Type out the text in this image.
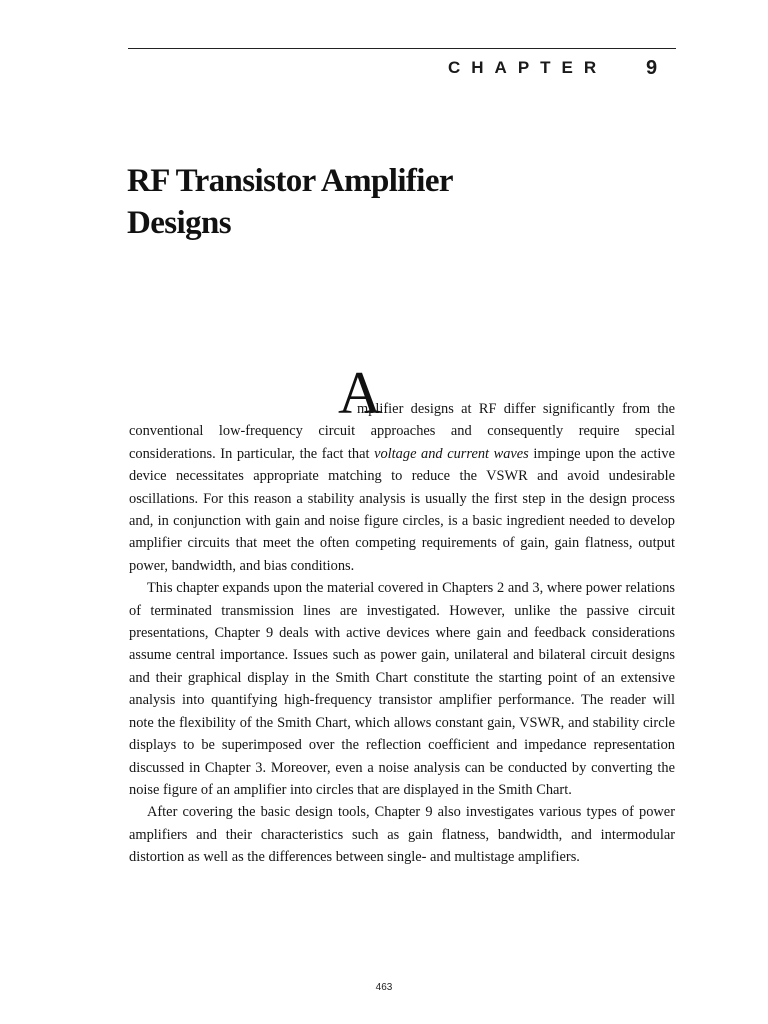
CHAPTER 9
RF Transistor Amplifier
Designs

A
mplifier designs at RF differ significantly from the conventional low-frequency circuit approaches and consequently require special considerations. In particular, the fact that voltage and current waves impinge upon the active device necessitates appropriate matching to reduce the VSWR and avoid undesirable oscillations. For this reason a stability analysis is usually the first step in the design process and, in conjunction with gain and noise figure circles, is a basic ingredient needed to develop amplifier circuits that meet the often competing requirements of gain, gain flatness, output power, bandwidth, and bias conditions.

This chapter expands upon the material covered in Chapters 2 and 3, where power relations of terminated transmission lines are investigated. However, unlike the passive circuit presentations, Chapter 9 deals with active devices where gain and feedback considerations assume central importance. Issues such as power gain, unilateral and bilateral circuit designs and their graphical display in the Smith Chart constitute the starting point of an extensive analysis into quantifying high-frequency transistor amplifier performance. The reader will note the flexibility of the Smith Chart, which allows constant gain, VSWR, and stability circle displays to be superimposed over the reflection coefficient and impedance representation discussed in Chapter 3. Moreover, even a noise analysis can be conducted by converting the noise figure of an amplifier into circles that are displayed in the Smith Chart.

After covering the basic design tools, Chapter 9 also investigates various types of power amplifiers and their characteristics such as gain flatness, bandwidth, and intermodular distortion as well as the differences between single- and multistage amplifiers.

463
